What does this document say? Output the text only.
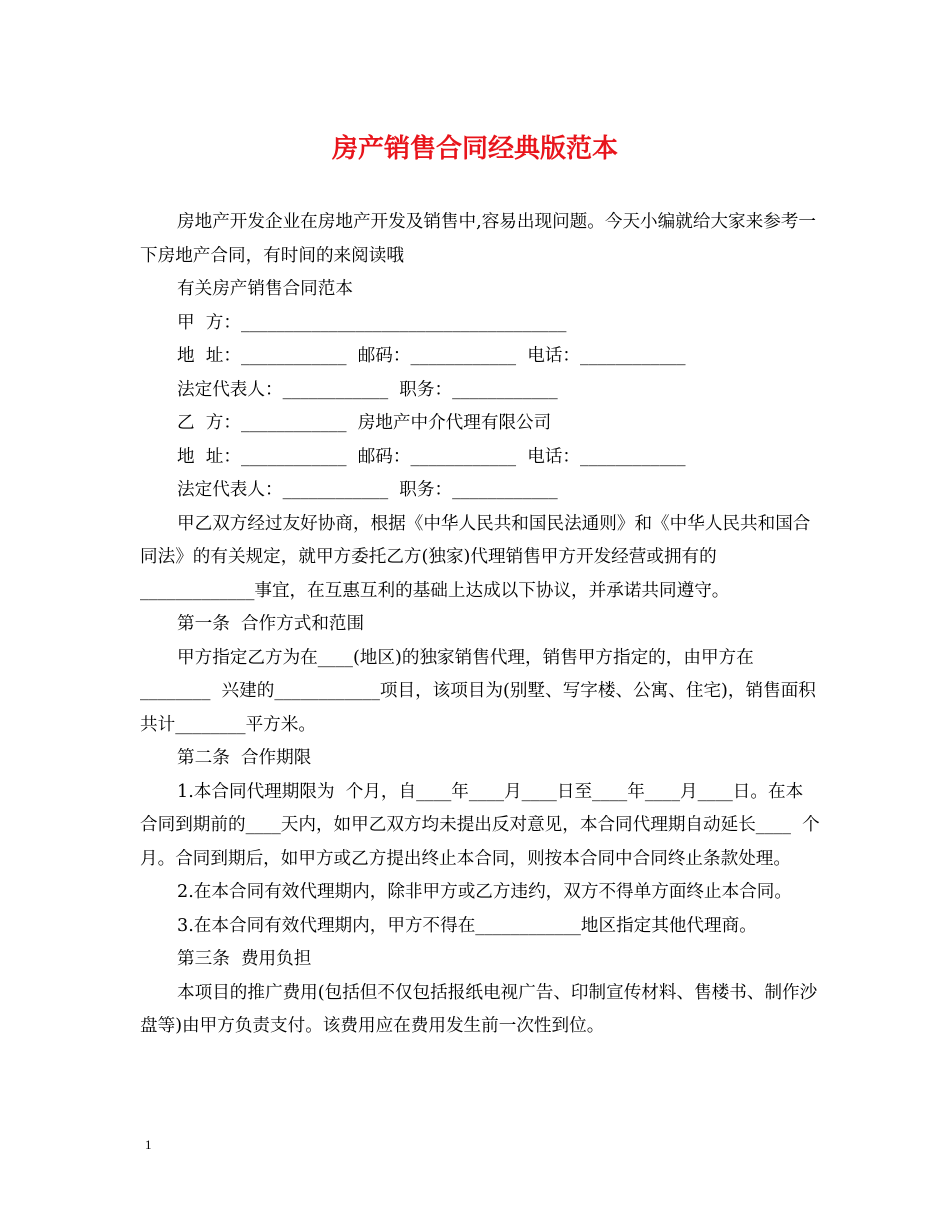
房产销售合同经典版范本

房地产开发企业在房地产开发及销售中,容易出现问题。今天小编就给大家来参考一下房地产合同，有时间的来阅读哦

有关房产销售合同范本

甲  方：_____________________________________

地  址：____________  邮码：____________  电话：____________

法定代表人：____________  职务：____________

乙  方：____________  房地产中介代理有限公司

地  址：____________  邮码：____________  电话：____________

法定代表人：____________  职务：____________

甲乙双方经过友好协商，根据《中华人民共和国民法通则》和《中华人民共和国合同法》的有关规定，就甲方委托乙方(独家)代理销售甲方开发经营或拥有的_____________事宜，在互惠互利的基础上达成以下协议，并承诺共同遵守。

第一条  合作方式和范围

甲方指定乙方为在____(地区)的独家销售代理，销售甲方指定的，由甲方在________  兴建的____________项目，该项目为(别墅、写字楼、公寓、住宅)，销售面积共计________平方米。

第二条  合作期限

1.本合同代理期限为  个月，自____年____月____日至____年____月____日。在本合同到期前的____天内，如甲乙双方均未提出反对意见，本合同代理期自动延长____  个月。合同到期后，如甲方或乙方提出终止本合同，则按本合同中合同终止条款处理。

2.在本合同有效代理期内，除非甲方或乙方违约，双方不得单方面终止本合同。

3.在本合同有效代理期内，甲方不得在____________地区指定其他代理商。

第三条  费用负担

本项目的推广费用(包括但不仅包括报纸电视广告、印制宣传材料、售楼书、制作沙盘等)由甲方负责支付。该费用应在费用发生前一次性到位。

1
